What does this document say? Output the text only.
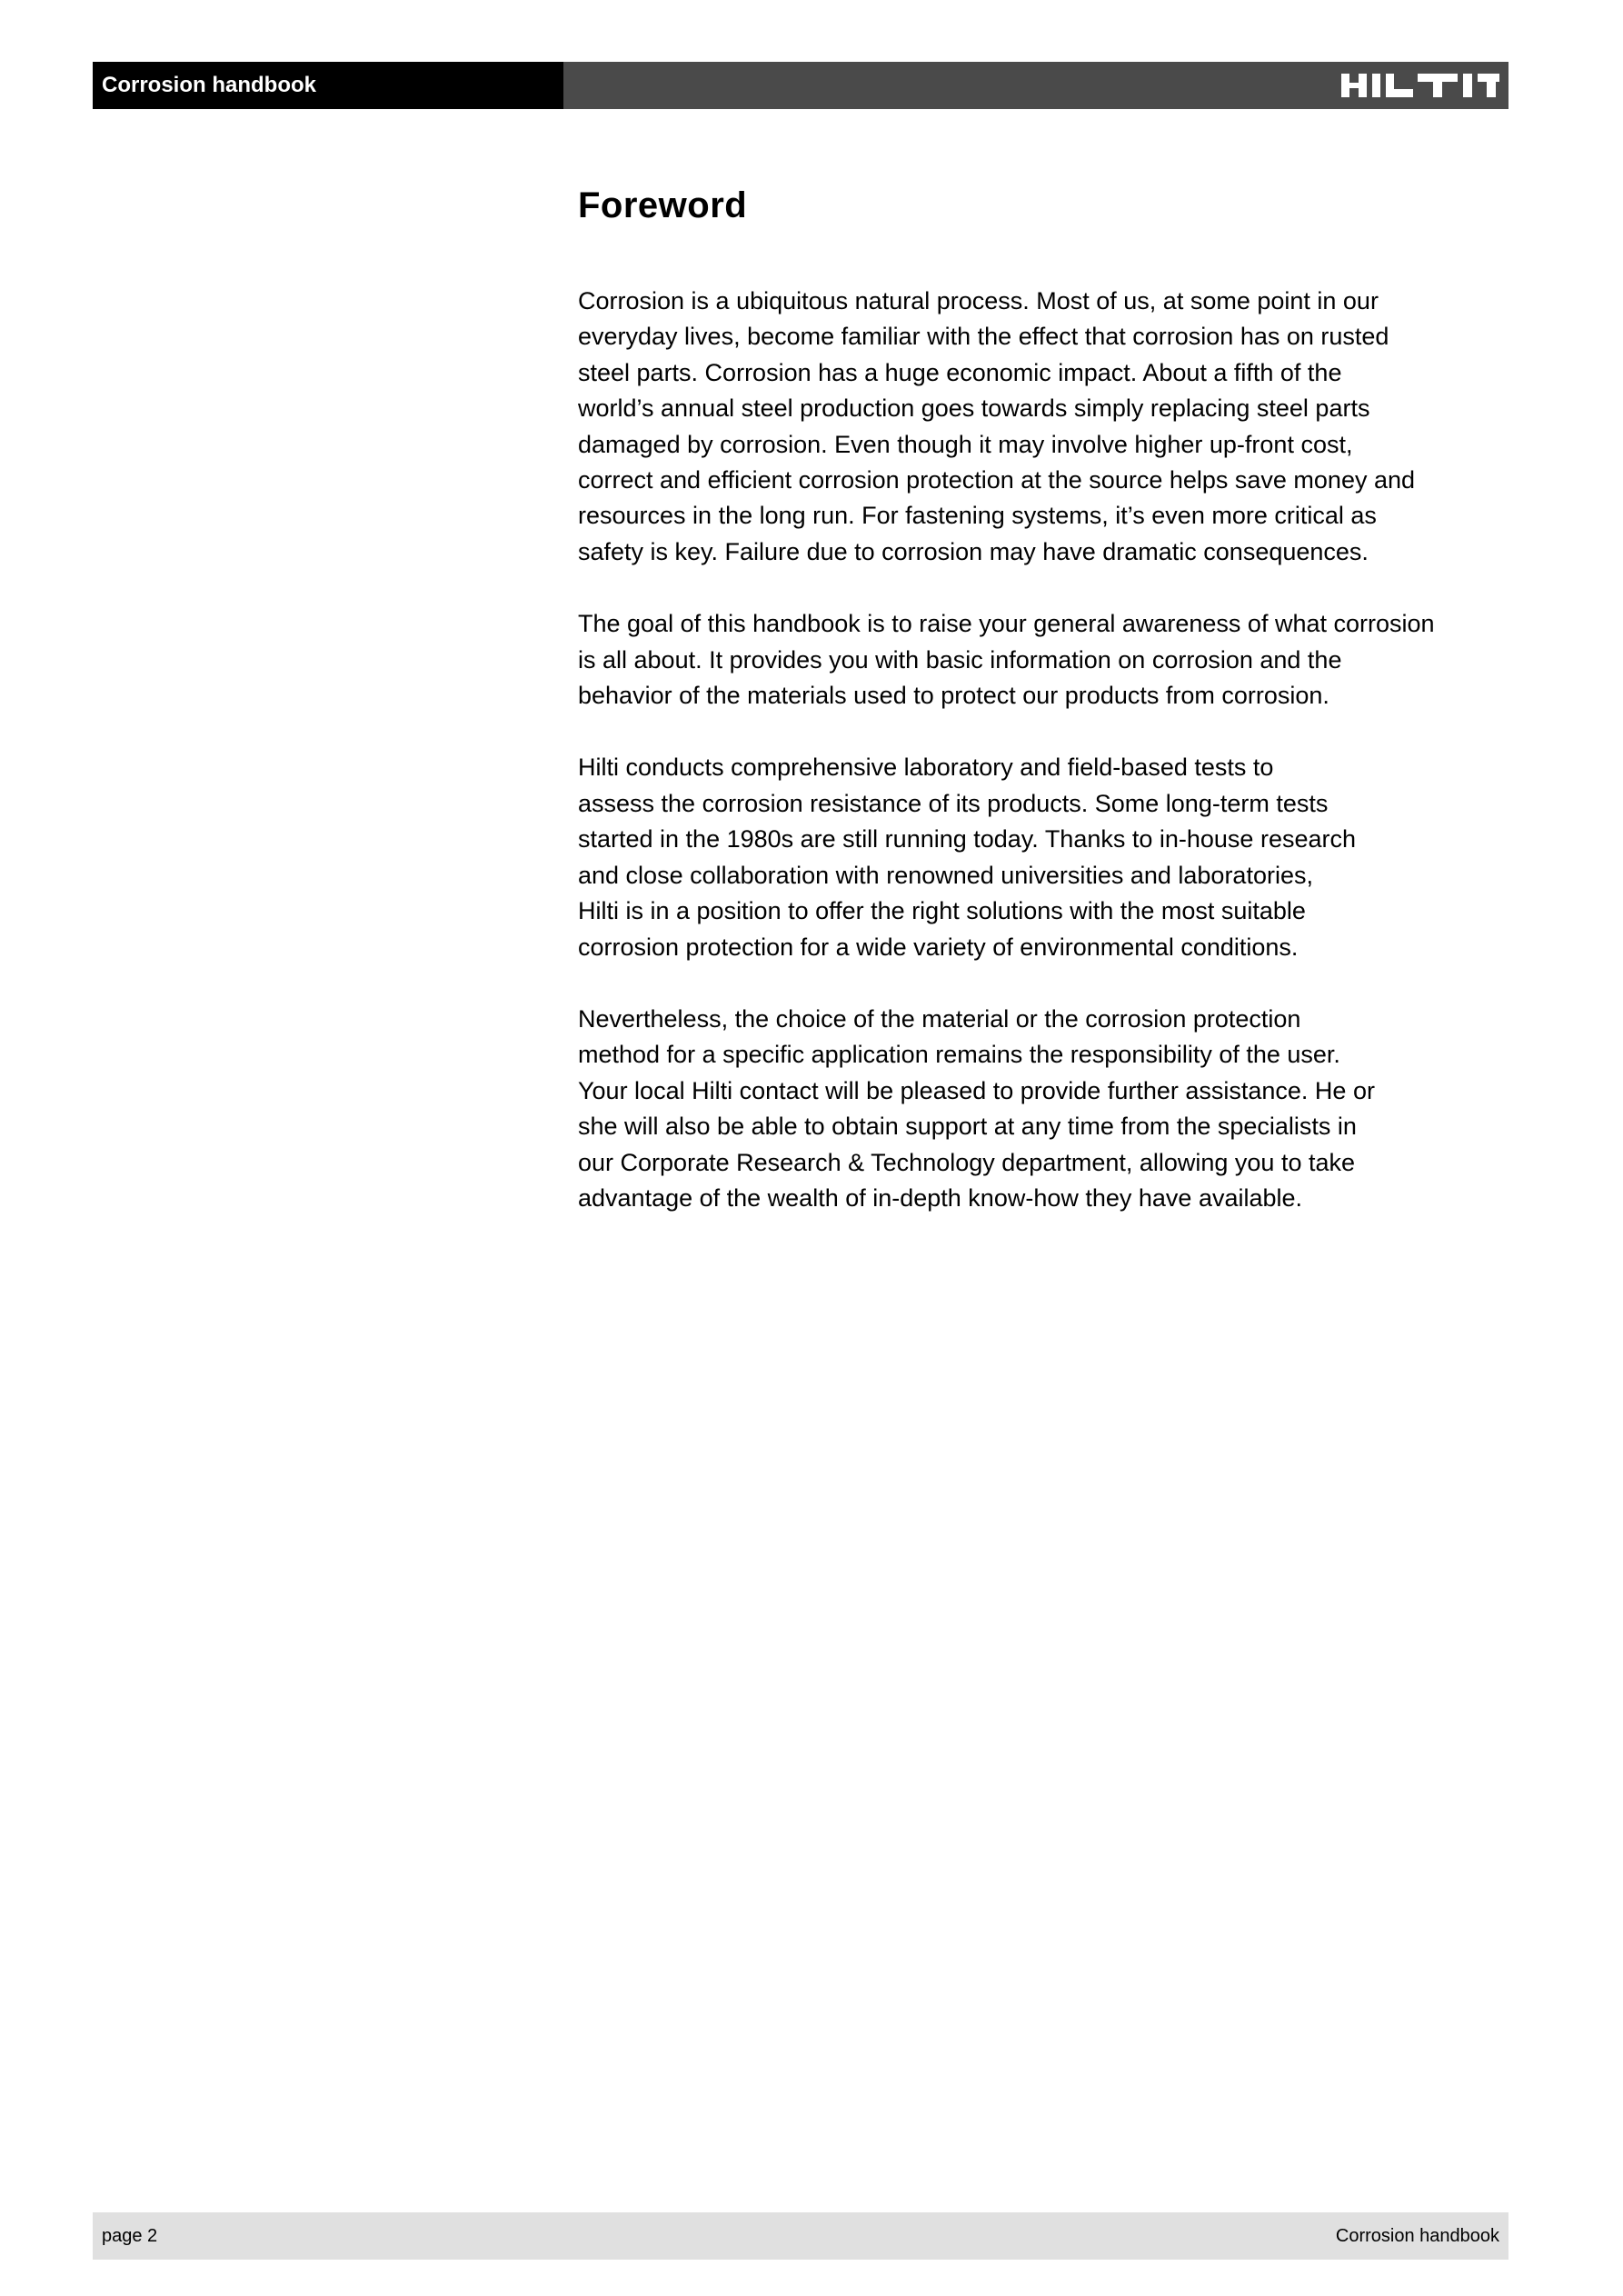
Corrosion handbook
Foreword

Corrosion is a ubiquitous natural process. Most of us, at some point in our
everyday lives, become familiar with the effect that corrosion has on rusted
steel parts. Corrosion has a huge economic impact. About a fifth of the
world’s annual steel production goes towards simply replacing steel parts
damaged by corrosion. Even though it may involve higher up-front cost,
correct and efficient corrosion protection at the source helps save money and
resources in the long run. For fastening systems, it’s even more critical as
safety is key. Failure due to corrosion may have dramatic consequences.

The goal of this handbook is to raise your general awareness of what corrosion
is all about. It provides you with basic information on corrosion and the
behavior of the materials used to protect our products from corrosion.

Hilti conducts comprehensive laboratory and field-based tests to
assess the corrosion resistance of its products. Some long-term tests
started in the 1980s are still running today. Thanks to in-house research
and close collaboration with renowned universities and laboratories,
Hilti is in a position to offer the right solutions with the most suitable
corrosion protection for a wide variety of environmental conditions.

Nevertheless, the choice of the material or the corrosion protection
method for a specific application remains the responsibility of the user.
Your local Hilti contact will be pleased to provide further assistance. He or
she will also be able to obtain support at any time from the specialists in
our Corporate Research & Technology department, allowing you to take
advantage of the wealth of in-depth know-how they have available.

page 2	Corrosion handbook
